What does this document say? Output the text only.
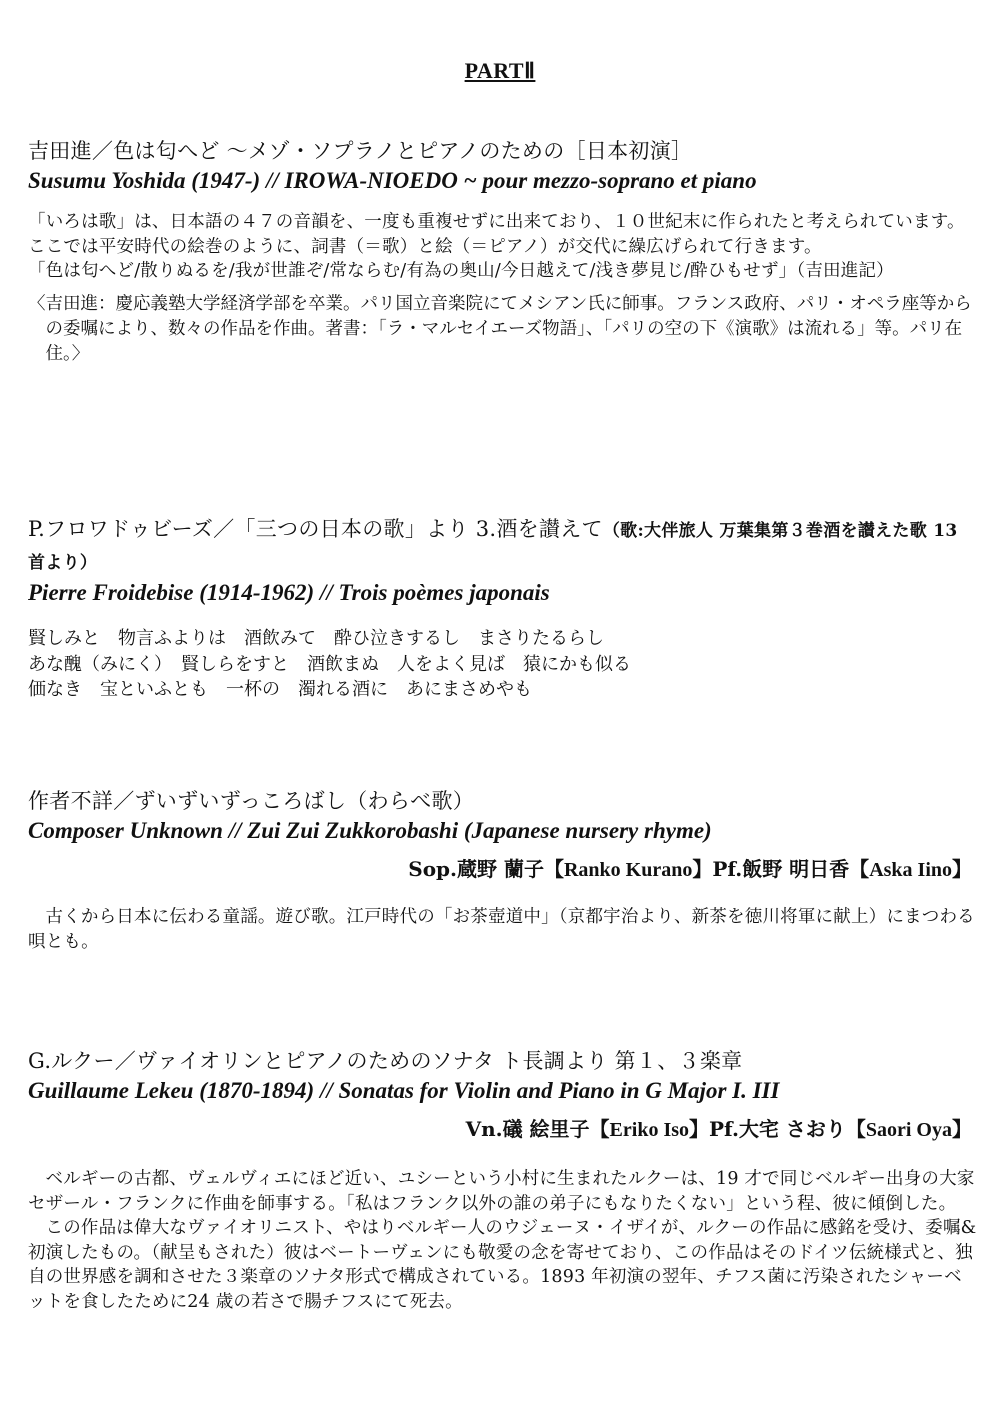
PARTⅡ
吉田進／色は匂へど ～メゾ・ソプラノとピアノのための［日本初演］
Susumu Yoshida (1947-) // IROWA-NIOEDO ~ pour mezzo-soprano et piano

「いろは歌」は、日本語の４７の音韻を、一度も重複せずに出来ており、１０世紀末に作られたと考えられています。ここでは平安時代の絵巻のように、詞書（＝歌）と絵（＝ピアノ）が交代に繰広げられて行きます。

「色は匂へど/散りぬるを/我が世誰ぞ/常ならむ/有為の奥山/今日越えて/浅き夢見じ/酔ひもせず」（吉田進記）

〈吉田進：慶応義塾大学経済学部を卒業。パリ国立音楽院にてメシアン氏に師事。フランス政府、パリ・オペラ座等からの委嘱により、数々の作品を作曲。著書：「ラ・マルセイエーズ物語」、「パリの空の下《演歌》は流れる」等。パリ在住。〉
P.フロワドゥビーズ／「三つの日本の歌」より 3.酒を讃えて（歌:大伴旅人 万葉集第３巻酒を讃えた歌 13 首より）
Pierre Froidebise (1914-1962) // Trois poèmes japonais
賢しみと　物言ふよりは　酒飲みて　酔ひ泣きするし　まさりたるらし
あな醜（みにく）　賢しらをすと　酒飲まぬ　人をよく見ば　猿にかも似る
価なき　宝といふとも　一杯の　濁れる酒に　あにまさめやも
作者不詳／ずいずいずっころばし（わらべ歌）
Composer Unknown // Zui Zui Zukkorobashi (Japanese nursery rhyme)
Sop.蔵野 蘭子【Ranko Kurano】Pf.飯野 明日香【Aska Iino】

古くから日本に伝わる童謡。遊び歌。江戸時代の「お茶壺道中」（京都宇治より、新茶を徳川将軍に献上）にまつわる唄とも。

G.ルクー／ヴァイオリンとピアノのためのソナタ ト長調より 第１、３楽章
Guillaume Lekeu (1870-1894) // Sonatas for Violin and Piano in G Major I. III
Vn.礒 絵里子【Eriko Iso】Pf.大宅 さおり【Saori Oya】

ベルギーの古都、ヴェルヴィエにほど近い、ユシーという小村に生まれたルクーは、19 才で同じベルギー出身の大家セザール・フランクに作曲を師事する。「私はフランク以外の誰の弟子にもなりたくない」という程、彼に傾倒した。

この作品は偉大なヴァイオリニスト、やはりベルギー人のウジェーヌ・イザイが、ルクーの作品に感銘を受け、委嘱&初演したもの。（献呈もされた）彼はベートーヴェンにも敬愛の念を寄せており、この作品はそのドイツ伝統様式と、独自の世界感を調和させた３楽章のソナタ形式で構成されている。1893 年初演の翌年、チフス菌に汚染されたシャーベットを食したために24 歳の若さで腸チフスにて死去。
